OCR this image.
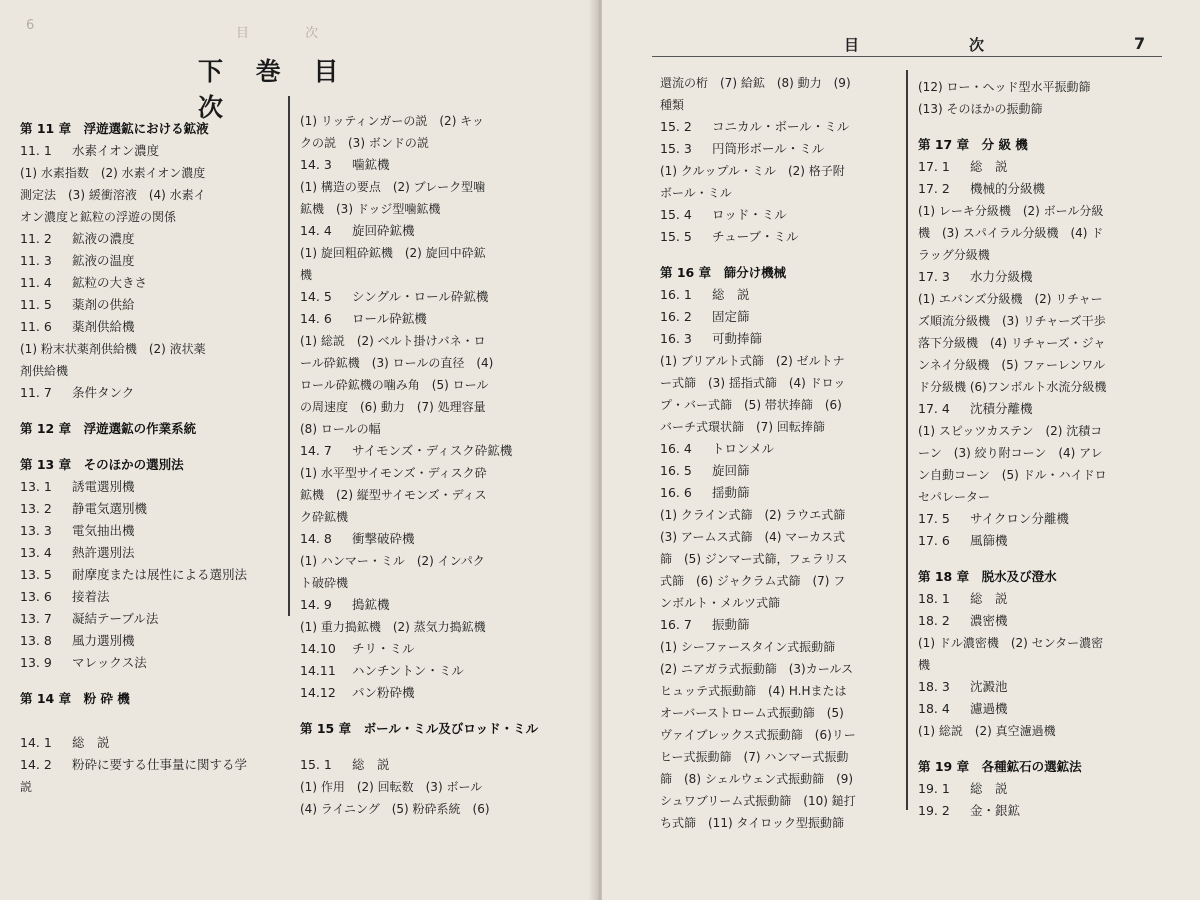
6
目 次
下 巻 目 次
第 11 章　浮遊選鉱における鉱液
11. 1 水素イオン濃度
(1) 水素指数　(2) 水素イオン濃度
測定法　(3) 緩衝溶液　(4) 水素イ
オン濃度と鉱粒の浮遊の関係
11. 2 鉱液の濃度
11. 3 鉱液の温度
11. 4 鉱粒の大きさ
11. 5 薬剤の供給
11. 6 薬剤供給機
(1) 粉末状薬剤供給機　(2) 液状薬
剤供給機
11. 7 条件タンク
第 12 章　浮遊選鉱の作業系統
第 13 章　そのほかの選別法
13. 1 誘電選別機
13. 2 静電気選別機
13. 3 電気抽出機
13. 4 熱許選別法
13. 5 耐摩度または展性による選別法
13. 6 接着法
13. 7 凝結テーブル法
13. 8 風力選別機
13. 9 マレックス法
第 14 章　粉 砕 機
14. 1 総　説
14. 2 粉砕に要する仕事量に関する学
説
(1) リッティンガーの説　(2) キッ
クの説　(3) ボンドの説
14. 3 噛鉱機
(1) 構造の要点　(2) ブレーク型噛
鉱機　(3) ドッジ型噛鉱機
14. 4 旋回砕鉱機
(1) 旋回粗砕鉱機　(2) 旋回中砕鉱
機
14. 5 シングル・ロール砕鉱機
14. 6 ロール砕鉱機
(1) 総説　(2) ベルト掛けバネ・ロ
ール砕鉱機　(3) ロールの直径　(4)
ロール砕鉱機の噛み角　(5) ロール
の周速度　(6) 動力　(7) 処理容量
(8) ロールの幅
14. 7 サイモンズ・ディスク砕鉱機
(1) 水平型サイモンズ・ディスク砕
鉱機　(2) 縦型サイモンズ・ディス
ク砕鉱機
14. 8 衝撃破砕機
(1) ハンマー・ミル　(2) インパク
ト破砕機
14. 9 搗鉱機
(1) 重力搗鉱機　(2) 蒸気力搗鉱機
14.10 チリ・ミル
14.11 ハンチントン・ミル
14.12 パン粉砕機
第 15 章　ボール・ミル及びロッド・ミル
15. 1 総　説
(1) 作用　(2) 回転数　(3) ボール
(4) ライニング　(5) 粉砕系統　(6)
目　　　　次	7
還流の桁　(7) 給鉱　(8) 動力　(9)
種類
15. 2 コニカル・ボール・ミル
15. 3 円筒形ボール・ミル
(1) クルップル・ミル　(2) 格子附
ボール・ミル
15. 4 ロッド・ミル
15. 5 チューブ・ミル
第 16 章　篩分け機械
16. 1 総　説
16. 2 固定篩
16. 3 可動捧篩
(1) ブリアルト式篩　(2) ゼルトナ
ー式篩　(3) 揺指式篩　(4) ドロッ
プ・バー式篩　(5) 帯状捧篩　(6)
バーチ式環状篩　(7) 回転捧篩
16. 4 トロンメル
16. 5 旋回篩
16. 6 揺動篩
(1) クライン式篩　(2) ラウエ式篩
(3) アームス式篩　(4) マーカス式
篩　(5) ジンマー式篩，フェラリス
式篩　(6) ジャクラム式篩　(7) フ
ンボルト・メルツ式篩
16. 7 振動篩
(1) シーファースタイン式振動篩
(2) ニアガラ式振動篩　(3)カールス
ヒュッテ式振動篩　(4) H.Hまたは
オーバーストローム式振動篩　(5)
ヴァイブレックス式振動篩　(6)リー
ヒー式振動篩　(7) ハンマー式振動
篩　(8) シェルウェン式振動篩　(9)
シュワブリーム式振動篩　(10) 鎚打
ち式篩　(11) タイロック型振動篩
(12) ロー・ヘッド型水平振動篩
(13) そのほかの振動篩
第 17 章　分 級 機
17. 1 総　説
17. 2 機械的分級機
(1) レーキ分級機　(2) ボール分級
機　(3) スパイラル分級機　(4) ド
ラッグ分級機
17. 3 水力分級機
(1) エバンズ分級機　(2) リチャー
ズ順流分級機　(3) リチャーズ干歩
落下分級機　(4) リチャーズ・ジャ
ンネイ分級機　(5) ファーレンワル
ド分級機 (6)フンボルト水流分級機
17. 4 沈積分離機
(1) スピッツカステン　(2) 沈積コ
ーン　(3) 絞り附コーン　(4) アレ
ン自動コーン　(5) ドル・ハイドロ
セパレーター
17. 5 サイクロン分離機
17. 6 風篩機
第 18 章　脱水及び澄水
18. 1 総　説
18. 2 濃密機
(1) ドル濃密機　(2) センター濃密
機
18. 3 沈澱池
18. 4 濾過機
(1) 総説　(2) 真空濾過機
第 19 章　各種鉱石の選鉱法
19. 1 総　説
19. 2 金・銀鉱
